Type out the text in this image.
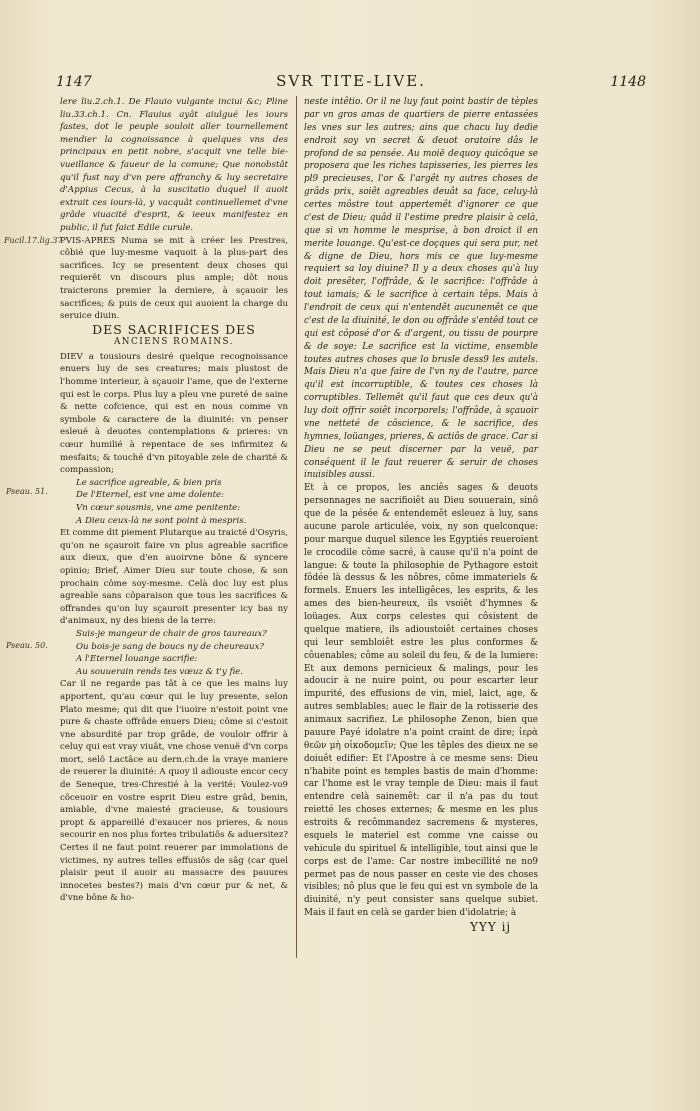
1147	SVR TITE-LIVE.	1148
Fucil.17.lig.37
Pseau. 51.
Pseau. 50.

lere liu.2.ch.1. De Flauio vulgante inciui &c; Pline liu.33.ch.1. Cn. Flauius ayât aiulgué les iours fastes, dot le peuple souloit aller tournellement mendier la cognoissance à quelques vns des principaux en petit nobre, s'acquit vne telle bie-vueillance & faueur de la comune; Que nonobstât qu'il fust nay d'vn pere affranchy & luy secretaire d'Appius Cecus, à la suscitatio duquel il auoit extrait ces iours-là, y vacquât continuellemet d'vne grâde viuacité d'esprit, & ieeux manifestez en public, il fut faict Edile curule.

PVIS-APRES Numa se mit à créer les Prestres, côbié que luy-mesme vaquoit à la plus-part des sacrifices. Icy se presentent deux choses qui requierêt vn discours plus ample; dôt nous traicterons premier la derniere, à sçauoir les sacrifices; & puis de ceux qui auoient la charge du seruice diuin.

DES SACRIFICES DES
ANCIENS ROMAINS.

DIEV a tousiours desiré quelque recognoissance enuers luy de ses creatures; mais plustost de l'homme interieur, à sçauoir l'ame, que de l'externe qui est le corps. Plus luy a pleu vne pureté de saine & nette cofcience, qui est en nous comme vn symbole & caractere de la diuinité: vn penser esleué à deuotes contemplations & prieres: vn cœur humilié à repentace de ses infirmitez & mesfaits; & touché d'vn pitoyable zele de charité & compassion;

Le sacrifice agreable, & bien pris

De l'Eternel, est vne ame dolente:

Vn cœur sousmis, vne ame penitente:

A Dieu ceux-là ne sont point à mespris.

Et comme dit piement Plutarque au traicté d'Osyris, qu'on ne sçauroit faire vn plus agreable sacrifice aux dieux, que d'en auoirvne bône & syncere opinio; Brief, Aimer Dieu sur toute chose, & son prochain côme soy-mesme. Celà doc luy est plus agreable sans côparaison que tous les sacrifices & offrandes qu'on luy sçauroit presenter icy bas ny d'animaux, ny des biens de la terre:

Suis-je mangeur de chair de gros taureaux?

Ou bois-je sang de boucs ny de cheureaux?

A l'Eternel louange sacrifie:

Au souuerain rends tes vœuz & t'y fie.

Car il ne regarde pas tât à ce que les mains luy apportent, qu'au cœur qui le luy presente, selon Plato mesme; qui dit que l'iuoire n'estoit point vne pure & chaste offrâde enuers Dieu; côme si c'estoit vne absurdité par trop grâde, de vouloir offrir à celuy qui est vray viuât, vne chose venuë d'vn corps mort, selô Lactâce au dern.ch.de la vraye maniere de reuerer la diuinité: A quoy il adiouste encor cecy de Seneque, tres-Chrestié à la verité: Voulez-vo9 côceuoir en vostre esprit Dieu estre grâd, benin, amiable, d'vne maiesté gracieuse, & tousiours propt & appareillé d'exaucer nos prieres, & nous secourir en nos plus fortes tribulatiôs & aduersitez? Certes il ne faut point reuerer par immolations de victimes, ny autres telles effusiôs de sâg (car quel plaisir peut il auoir au massacre des pauures innocetes bestes?) mais d'vn cœur pur & net, & d'vne bône & ho-

neste intêtio. Or il ne luy faut point bastir de tèples par vn gros amas de quartiers de pierre entassées les vnes sur les autres; ains que chacu luy dedie endroit soy vn secret & deuot oratoire dâs le profond de sa pensée. Au moië dequoy quicôque se proposera que les riches tapisseries, les pierres les pl9 precieuses, l'or & l'argêt ny autres choses de grâds prix, soiêt agreables deuât sa face, celuy-là certes môstre tout appertemêt d'ignorer ce que c'est de Dieu; quâd il l'estime predre plaisir à celà, que si vn homme le mesprise, à bon droict il en merite louange. Qu'est-ce doçques qui sera pur, net & digne de Dieu, hors mis ce que luy-mesme requiert sa loy diuine? Il y a deux choses qu'à luy doit presêter, l'offrâde, & le sacrifice: l'offrâde à tout iamais; & le sacrifice à certain têps. Mais à l'endroit de ceux qui n'entendêt aucunemêt ce que c'est de la diuinité, le don ou offrâde s'entêd tout ce qui est côposé d'or & d'argent, ou tissu de pourpre & de soye: Le sacrifice est la victime, ensemble toutes autres choses que lo brusle dess9 les autels. Mais Dieu n'a que faire de l'vn ny de l'autre, parce qu'il est incorruptible, & toutes ces choses là corruptibles. Tellemêt qu'il faut que ces deux qu'à luy doit offrir soiêt incorporels; l'offrâde, à sçauoir vne netteté de côscience, & le sacrifice, des hymnes, loüanges, prieres, & actiôs de grace. Car si Dieu ne se peut discerner par la veuë, par conséquent il le faut reuerer & seruir de choses inuisibles aussi.

Et à ce propos, les anciês sages & deuots personnages ne sacrifioiêt au Dieu souuerain, sinô que de la pésée & entendemêt esleuez à luy, sans aucune parole articulée, voix, ny son quelconque: pour marque duquel silence les Egyptiés reueroient le crocodile côme sacré, à cause qu'il n'a point de langue: & toute la philosophie de Pythagore estoit fôdée là dessus & les nôbres, côme immateriels & formels. Enuers les intelligêces, les esprits, & les ames des bien-heureux, ils vsoiêt d'hymnes & loüages. Aux corps celestes qui côsistent de quelque matiere, ils adioustoiêt certaines choses qui leur sembloiêt estre les plus conformes & côuenables; côme au soleil du feu, & de la lumiere: Et aux demons pernicieux & malings, pour les adoucir à ne nuire point, ou pour escarter leur impurité, des effusions de vin, miel, laict, age, & autres semblables; auec le flair de la rotisserie des animaux sacrifiez. Le philosophe Zenon, bien que pauure Payé idolatre n'a point craint de dire; ἱερὰ θεῶν μὴ οἰκοδομεῖν; Que les têples des dieux ne se doiuêt edifier: Et l'Apostre à ce mesme sens: Dieu n'habite point es temples bastis de main d'homme: car l'home est le vray temple de Dieu: mais il faut entendre celà sainemêt: car il n'a pas du tout reietté les choses externes; & mesme en les plus estroits & recômmandez sacremens & mysteres, esquels le materiel est comme vne caisse ou vehicule du spirituel & intelligible, tout ainsi que le corps est de l'ame: Car nostre imbecillité ne no9 permet pas de nous passer en ceste vie des choses visibles; nô plus que le feu qui est vn symbole de la diuinité, n'y peut consister sans quelque subiet. Mais il faut en celà se garder bien d'idolatrie; à

YYY ij
